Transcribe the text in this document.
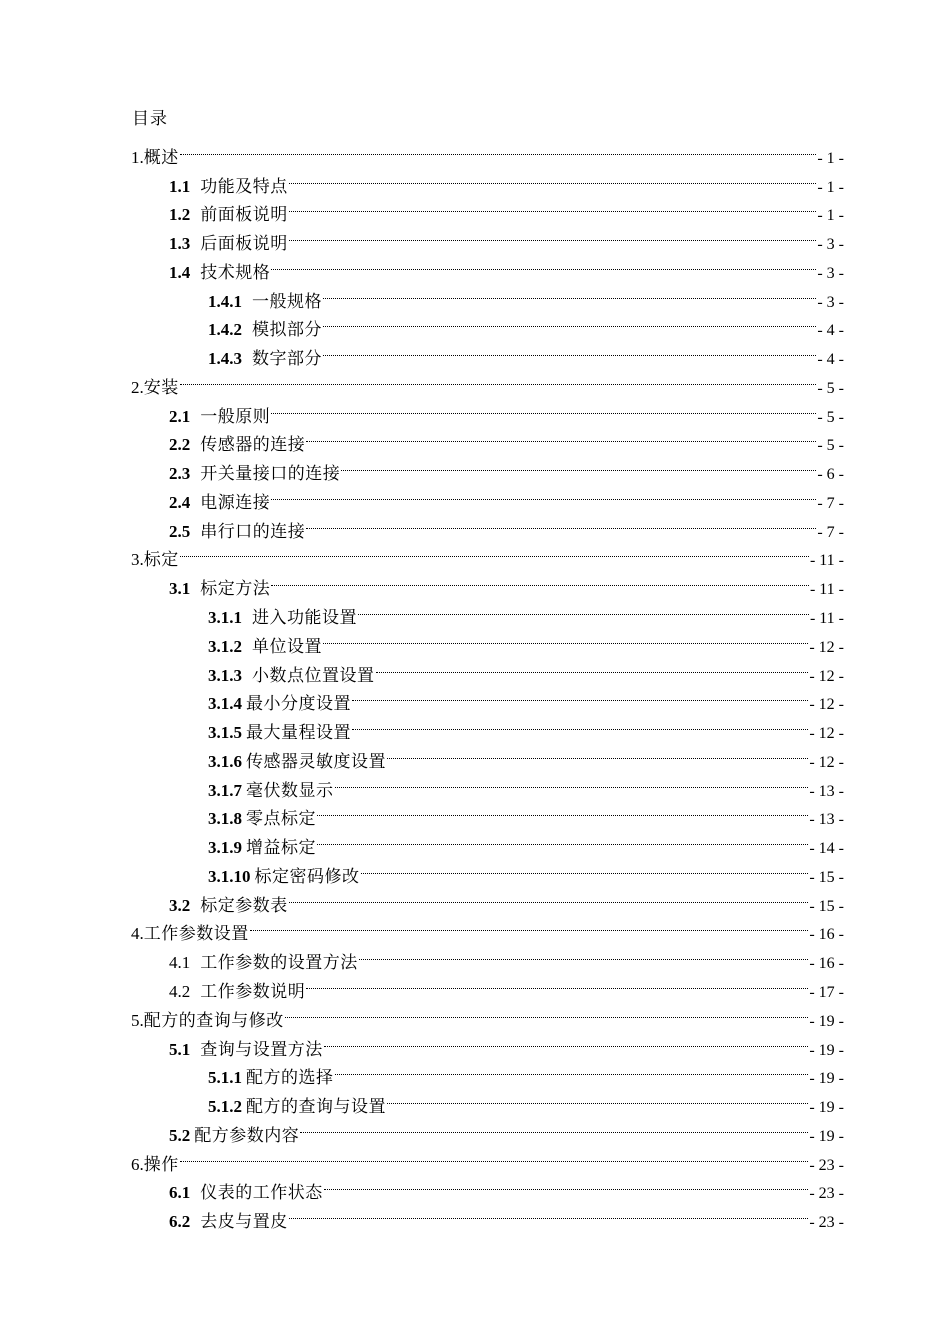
目录
1. 概述	- 1 -
1.1 功能及特点	- 1 -
1.2 前面板说明	- 1 -
1.3 后面板说明	- 3 -
1.4 技术规格	- 3 -
1.4.1 一般规格	- 3 -
1.4.2 模拟部分	- 4 -
1.4.3 数字部分	- 4 -
2. 安装	- 5 -
2.1 一般原则	- 5 -
2.2 传感器的连接	- 5 -
2.3 开关量接口的连接	- 6 -
2.4 电源连接	- 7 -
2.5 串行口的连接	- 7 -
3. 标定	- 11 -
3.1 标定方法	- 11 -
3.1.1 进入功能设置	- 11 -
3.1.2 单位设置	- 12 -
3.1.3 小数点位置设置	- 12 -
3.1.4 最小分度设置	- 12 -
3.1.5 最大量程设置	- 12 -
3.1.6 传感器灵敏度设置	- 12 -
3.1.7 毫伏数显示	- 13 -
3.1.8 零点标定	- 13 -
3.1.9 增益标定	- 14 -
3.1.10 标定密码修改	- 15 -
3.2 标定参数表	- 15 -
4. 工作参数设置	- 16 -
4.1 工作参数的设置方法	- 16 -
4.2 工作参数说明	- 17 -
5. 配方的查询与修改	- 19 -
5.1 查询与设置方法	- 19 -
5.1.1 配方的选择	- 19 -
5.1.2 配方的查询与设置	- 19 -
5.2 配方参数内容	- 19 -
6. 操作	- 23 -
6.1 仪表的工作状态	- 23 -
6.2 去皮与置皮	- 23 -
